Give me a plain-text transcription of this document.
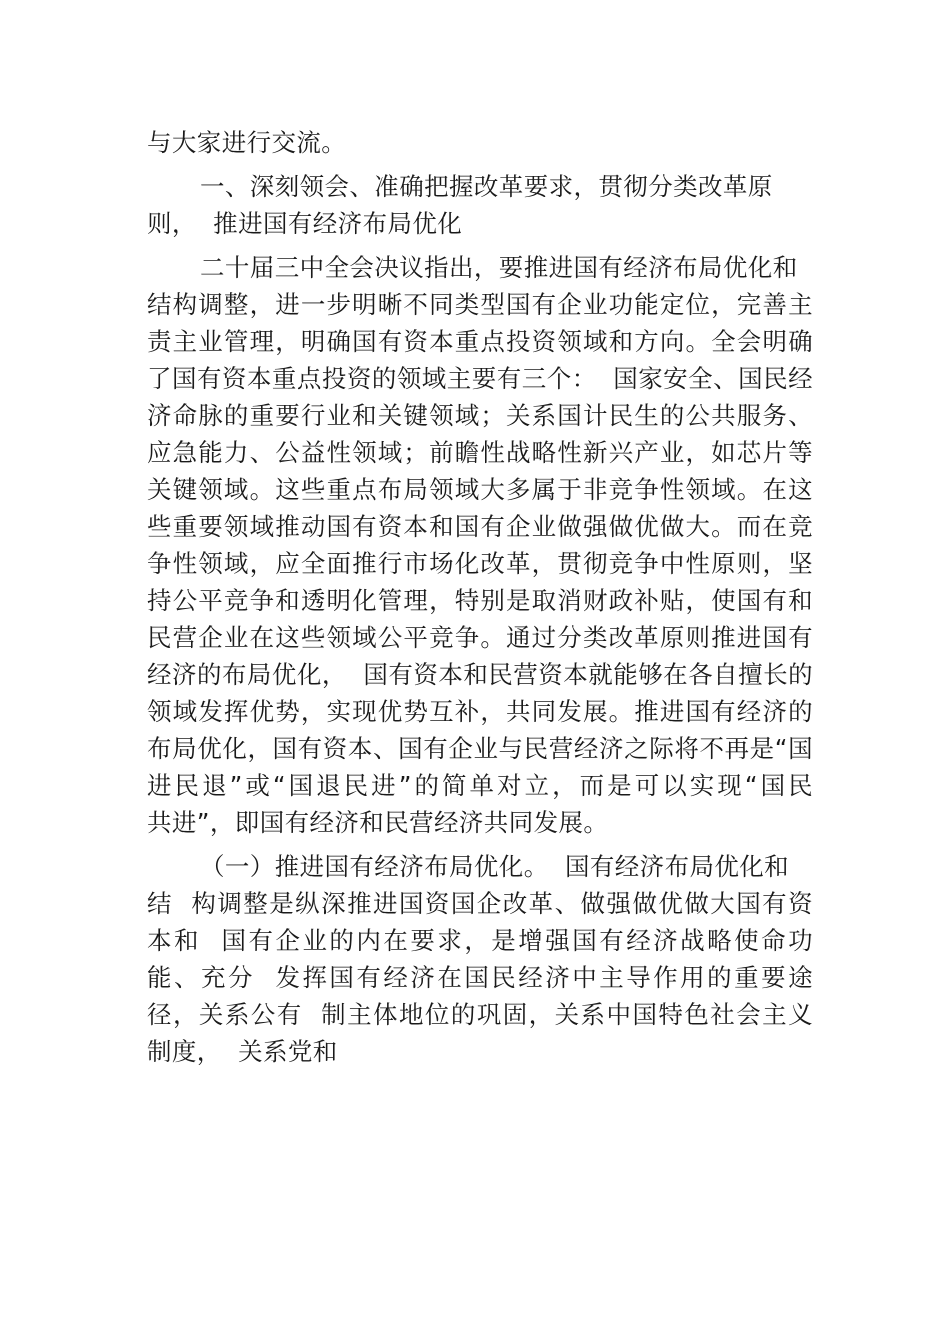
与大家进行交流。
一、深刻领会、准确把握改革要求，贯彻分类改革原
则，  推进国有经济布局优化
二十届三中全会决议指出，要推进国有经济布局优化和
结构调整，进一步明晰不同类型国有企业功能定位，完善主
责主业管理，明确国有资本重点投资领域和方向。全会明确
了国有资本重点投资的领域主要有三个：  国家安全、国民经
济命脉的重要行业和关键领域；关系国计民生的公共服务、
应急能力、公益性领域；前瞻性战略性新兴产业，如芯片等
关键领域。这些重点布局领域大多属于非竞争性领域。在这
些重要领域推动国有资本和国有企业做强做优做大。而在竞
争性领域，应全面推行市场化改革，贯彻竞争中性原则，坚
持公平竞争和透明化管理，特别是取消财政补贴，使国有和
民营企业在这些领域公平竞争。通过分类改革原则推进国有
经济的布局优化，  国有资本和民营资本就能够在各自擅长的
领域发挥优势，实现优势互补，共同发展。推进国有经济的
布局优化，国有资本、国有企业与民营经济之际将不再是“国
进民退”或“国退民进”的简单对立，而是可以实现“国民
共进”，即国有经济和民营经济共同发展。
（一）推进国有经济布局优化。  国有经济布局优化和
结  构调整是纵深推进国资国企改革、做强做优做大国有资
本和  国有企业的内在要求，是增强国有经济战略使命功
能、充分  发挥国有经济在国民经济中主导作用的重要途
径，关系公有  制主体地位的巩固，关系中国特色社会主义
制度，  关系党和
